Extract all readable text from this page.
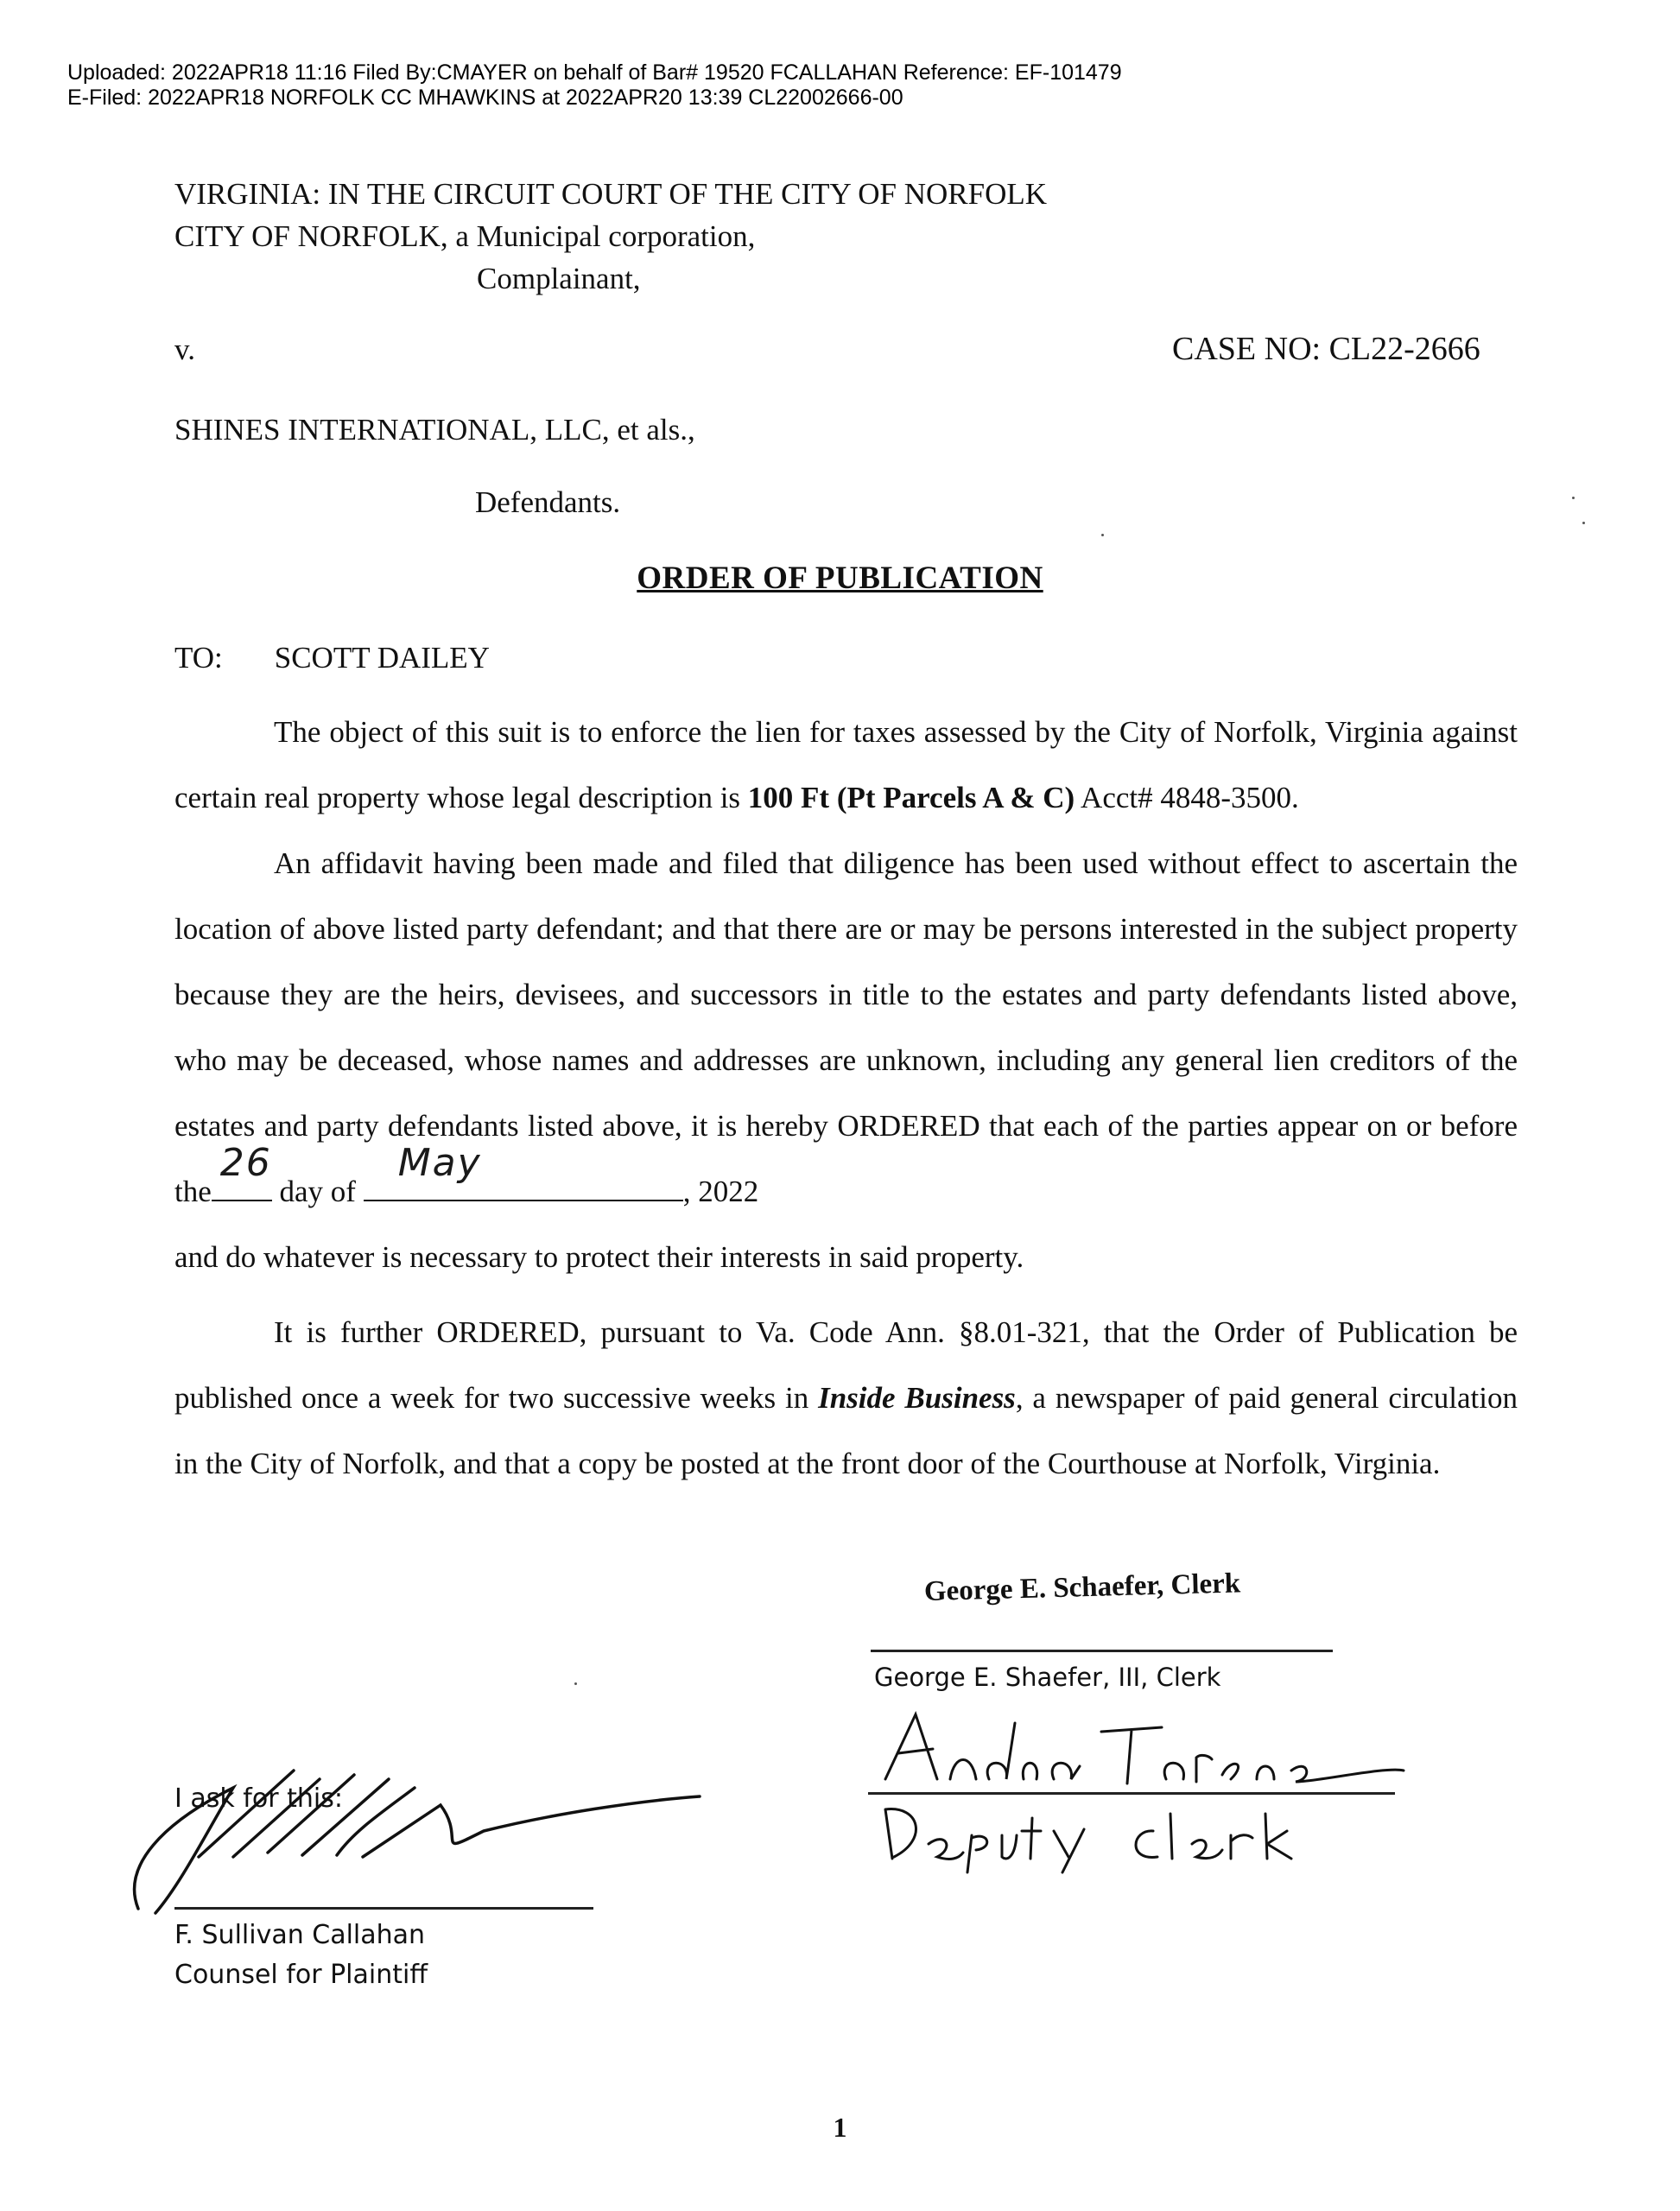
Uploaded: 2022APR18 11:16 Filed By:CMAYER on behalf of Bar# 19520 FCALLAHAN Reference: EF-101479
E-Filed: 2022APR18 NORFOLK CC MHAWKINS at 2022APR20 13:39 CL22002666-00
VIRGINIA: IN THE CIRCUIT COURT OF THE CITY OF NORFOLK
CITY OF NORFOLK, a Municipal corporation,
Complainant,
v.	CASE NO: CL22-2666
SHINES INTERNATIONAL, LLC, et als.,
Defendants.
ORDER OF PUBLICATION
TO: SCOTT DAILEY
The object of this suit is to enforce the lien for taxes assessed by the City of Norfolk, Virginia against certain real property whose legal description is 100 Ft (Pt Parcels A & C) Acct# 4848-3500.
An affidavit having been made and filed that diligence has been used without effect to ascertain the location of above listed party defendant; and that there are or may be persons interested in the subject property because they are the heirs, devisees, and successors in title to the estates and party defendants listed above, who may be deceased, whose names and addresses are unknown, including any general lien creditors of the estates and party defendants listed above, it is hereby ORDERED that each of the parties appear on or before the
26
day of
May
, 2022
and do whatever is necessary to protect their interests in said property.
It is further ORDERED, pursuant to Va. Code Ann. §8.01-321, that the Order of Publication be published once a week for two successive weeks in Inside Business, a newspaper of paid general circulation in the City of Norfolk, and that a copy be posted at the front door of the Courthouse at Norfolk, Virginia.
George E. Schaefer, Clerk
George E. Shaefer, III, Clerk
I ask for this:
F. Sullivan Callahan
Counsel for Plaintiff
1
